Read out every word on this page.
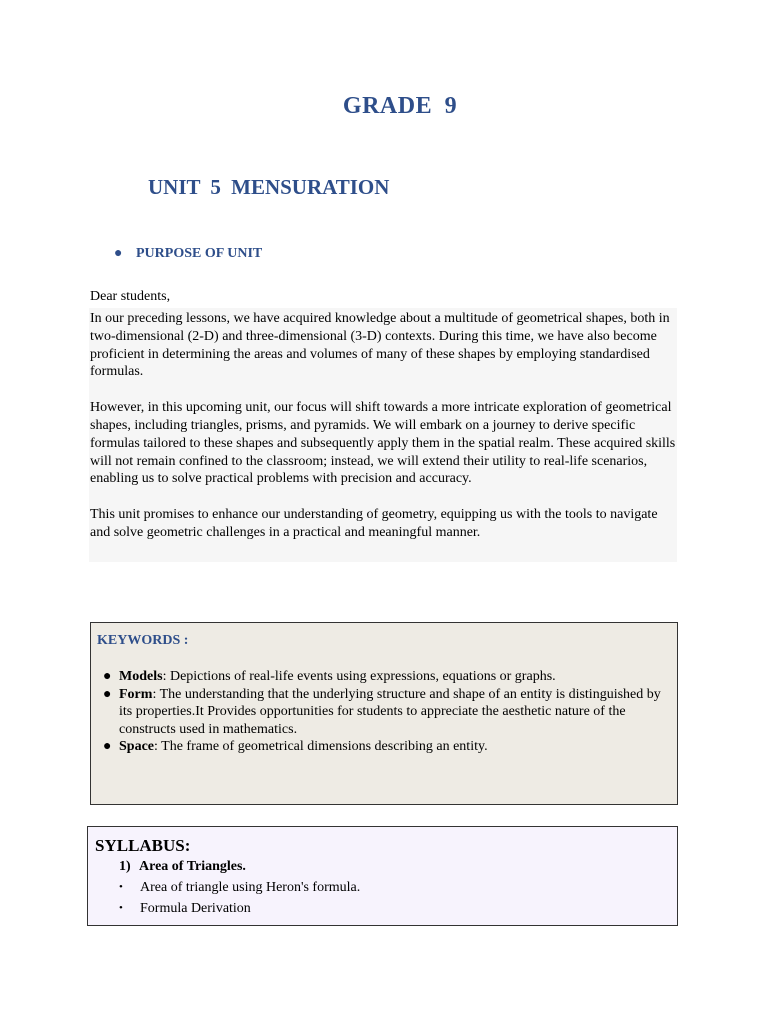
GRADE 9
UNIT 5 MENSURATION
● PURPOSE OF UNIT
Dear students,

In our preceding lessons, we have acquired knowledge about a multitude of geometrical shapes, both in two-dimensional (2-D) and three-dimensional (3-D) contexts. During this time, we have also become proficient in determining the areas and volumes of many of these shapes by employing standardised formulas.

However, in this upcoming unit, our focus will shift towards a more intricate exploration of geometrical shapes, including triangles, prisms, and pyramids. We will embark on a journey to derive specific formulas tailored to these shapes and subsequently apply them in the spatial realm. These acquired skills will not remain confined to the classroom; instead, we will extend their utility to real-life scenarios, enabling us to solve practical problems with precision and accuracy.

This unit promises to enhance our understanding of geometry, equipping us with the tools to navigate and solve geometric challenges in a practical and meaningful manner.

KEYWORDS :
● Models: Depictions of real-life events using expressions, equations or graphs.
● Form: The understanding that the underlying structure and shape of an entity is distinguished by its properties.It Provides opportunities for students to appreciate the aesthetic nature of the constructs used in mathematics.
● Space: The frame of geometrical dimensions describing an entity.
SYLLABUS:
1) Area of Triangles.
• Area of triangle using Heron's formula.
• Formula Derivation
